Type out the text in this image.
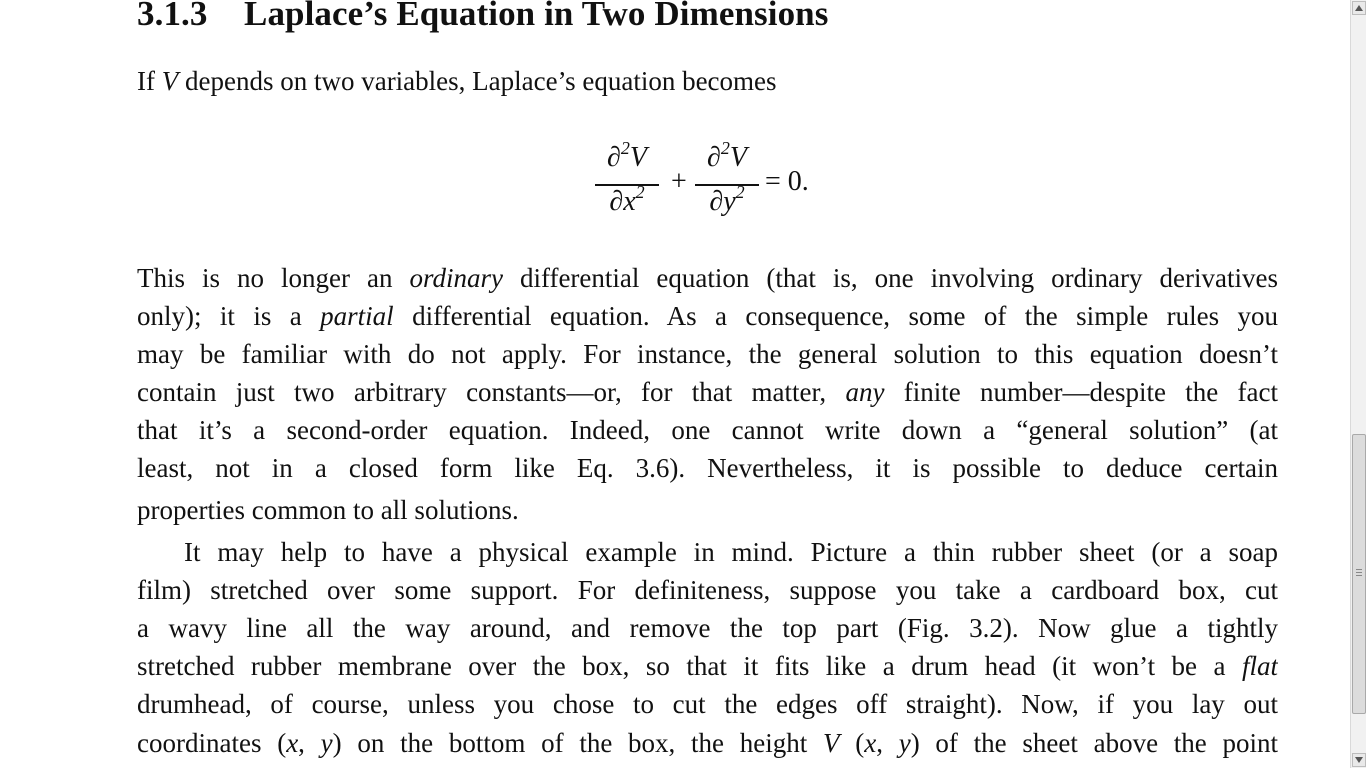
3.1.3 Laplace’s Equation in Two Dimensions
If V depends on two variables, Laplace’s equation becomes
∂$^2$V
$\partial x^2$ +
∂$^2$V
$\partial y^2 = 0$.
This is no longer an ordinary differential equation (that is, one involving ordinary derivatives
only); it is a partial differential equation. As a consequence, some of the simple rules you
may be familiar with do not apply. For instance, the general solution to this equation doesn’t
contain just two arbitrary constants—or, for that matter, any finite number—despite the fact
that it’s a second-order equation. Indeed, one cannot write down a “general solution” (at
least, not in a closed form like Eq. 3.6). Nevertheless, it is possible to deduce certain
properties common to all solutions.
It may help to have a physical example in mind. Picture a thin rubber sheet (or a soap
film) stretched over some support. For definiteness, suppose you take a cardboard box, cut
a wavy line all the way around, and remove the top part (Fig. 3.2). Now glue a tightly
stretched rubber membrane over the box, so that it fits like a drum head (it won’t be a flat
drumhead, of course, unless you chose to cut the edges off straight). Now, if you lay out
coordinates (x, y) on the bottom of the box, the height V (x, y) of the sheet above the point
